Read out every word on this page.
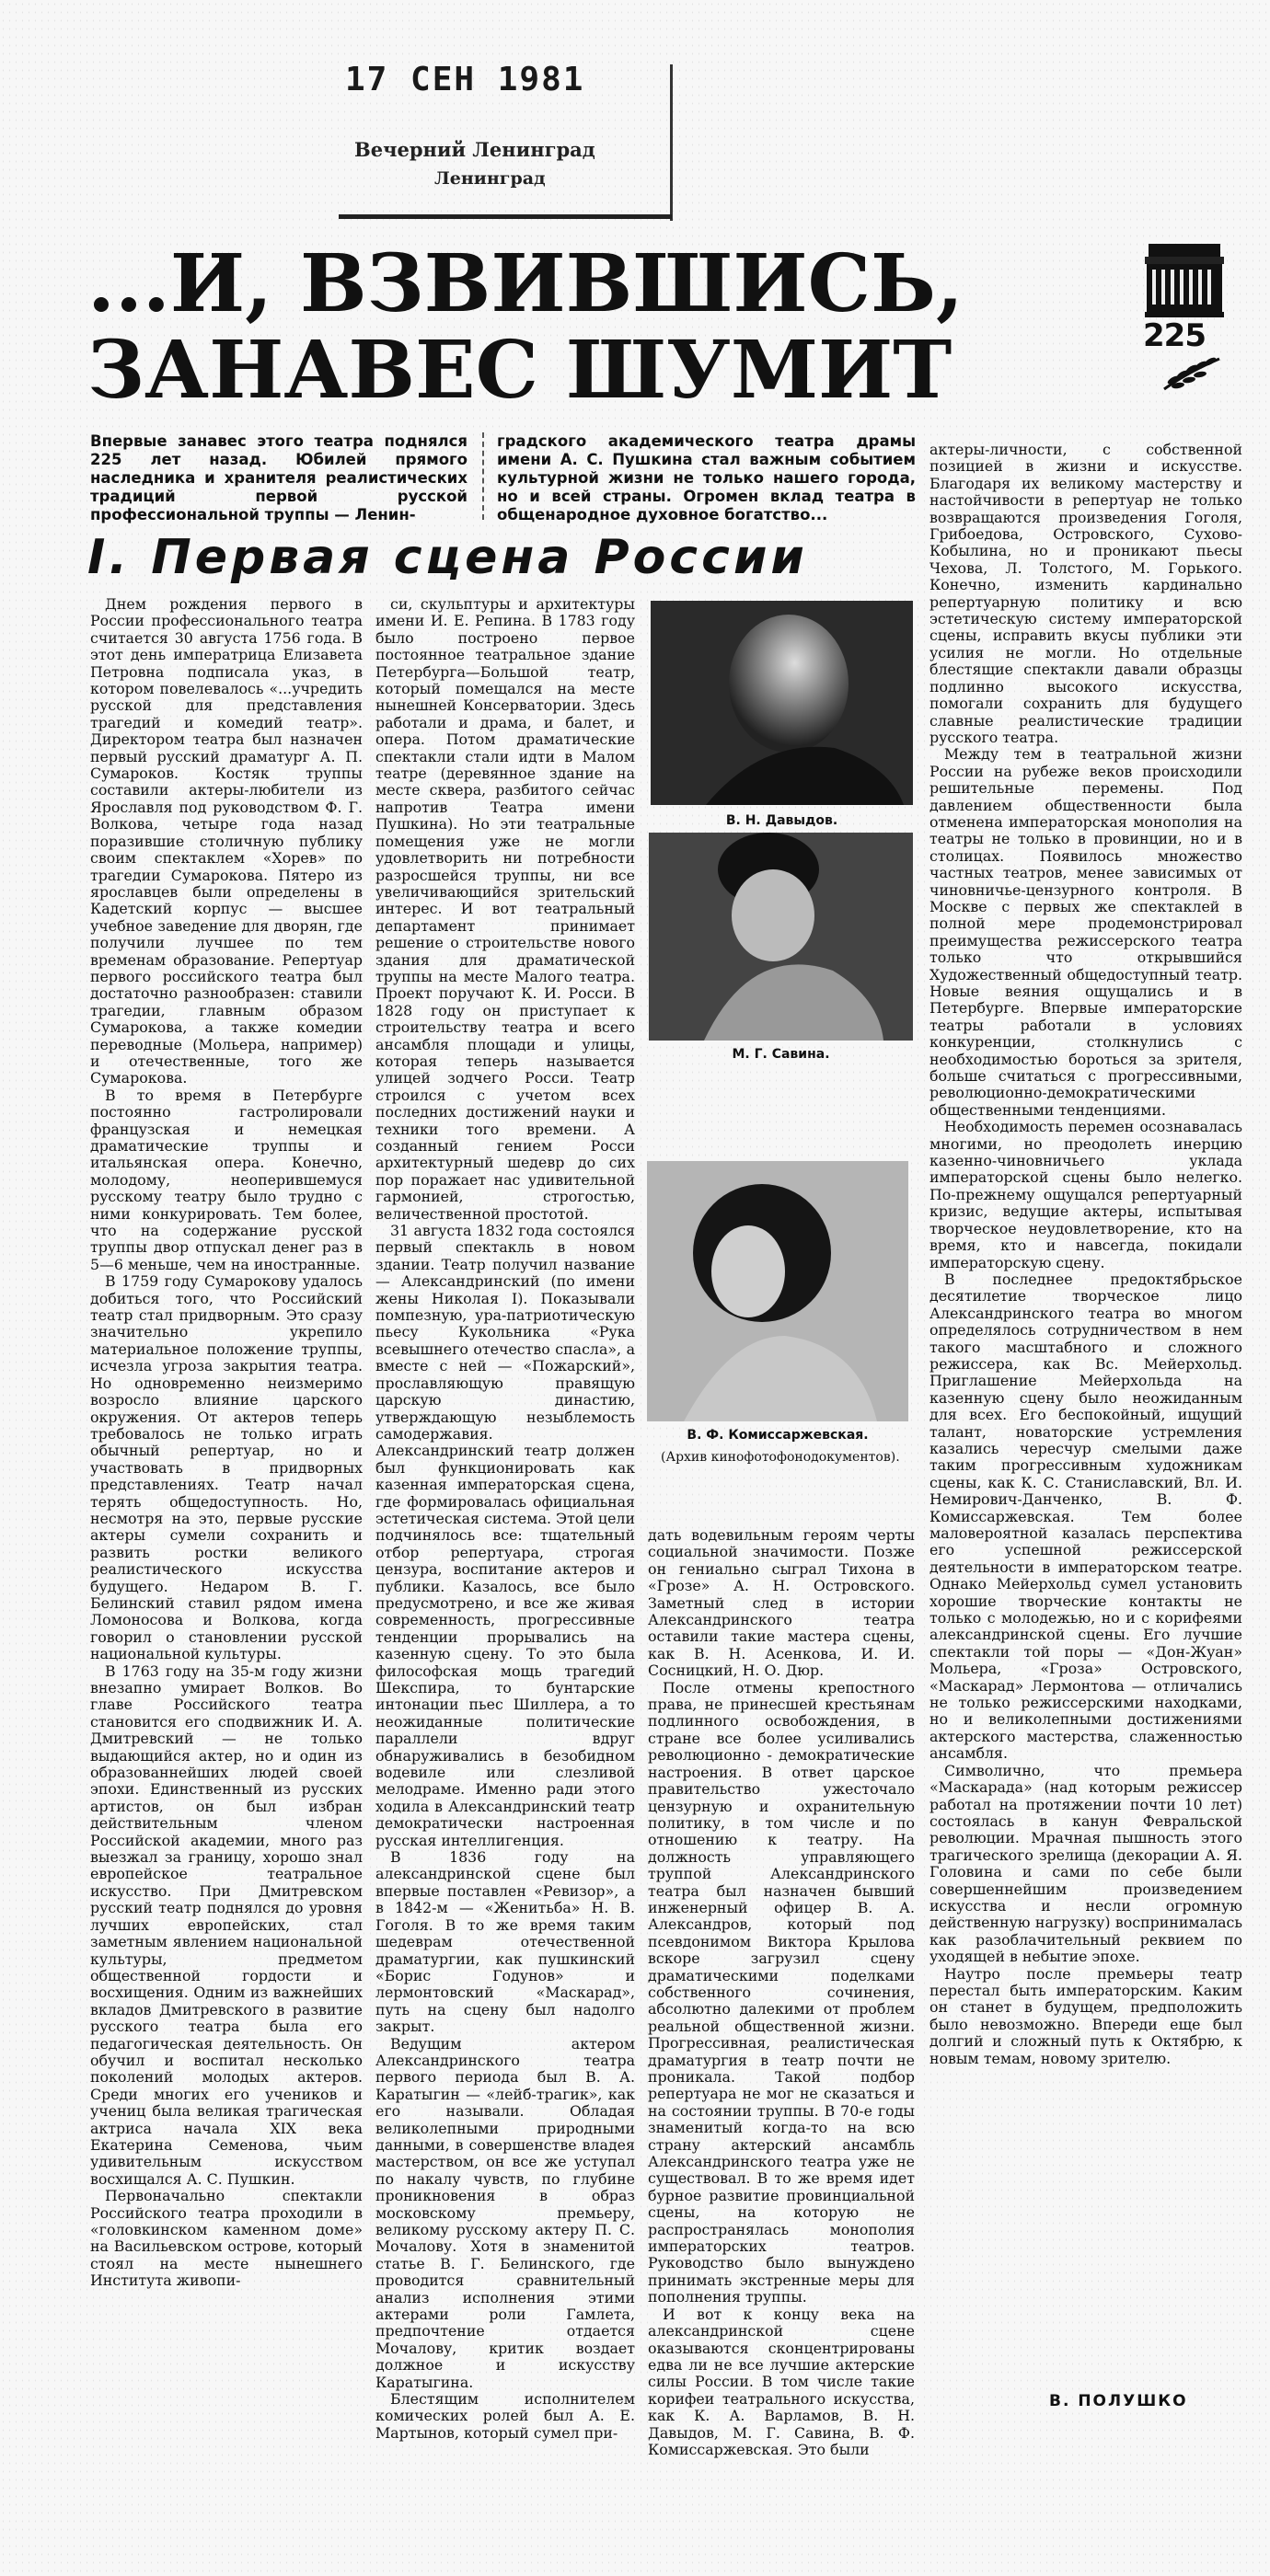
17 СЕН 1981
Вечерний Ленинград
Ленинград
...И, ВЗВИВШИСЬ,
ЗАНАВЕС ШУМИТ	225
Впервые занавес этого театра поднялся 225 лет назад. Юбилей прямого наследника и хранителя реалистических традиций первой русской профессиональной труппы — Ленин-
градского академического театра драмы имени А. С. Пушкина стал важным событием культурной жизни не только нашего города, но и всей страны. Огромен вклад театра в общенародное духовное богатство...
I. Первая сцена России

Днем рождения первого в России профессионального театра считается 30 августа 1756 года. В этот день императрица Елизавета Петровна подписала указ, в котором повелевалось «...учредить русской для представления трагедий и комедий театр». Директором театра был назначен первый русский драматург А. П. Сумароков. Костяк труппы составили актеры-любители из Ярославля под руководством Ф. Г. Волкова, четыре года назад поразившие столичную публику своим спектаклем «Хорев» по трагедии Сумарокова. Пятеро из ярославцев были определены в Кадетский корпус — высшее учебное заведение для дворян, где получили лучшее по тем временам образование. Репертуар первого российского театра был достаточно разнообразен: ставили трагедии, главным образом Сумарокова, а также комедии переводные (Мольера, например) и отечественные, того же Сумарокова.

В то время в Петербурге постоянно гастролировали французская и немецкая драматические труппы и итальянская опера. Конечно, молодому, неоперившемуся русскому театру было трудно с ними конкурировать. Тем более, что на содержание русской труппы двор отпускал денег раз в 5—6 меньше, чем на иностранные.

В 1759 году Сумарокову удалось добиться того, что Российский театр стал придворным. Это сразу значительно укрепило материальное положение труппы, исчезла угроза закрытия театра. Но одновременно неизмеримо возросло влияние царского окружения. От актеров теперь требовалось не только играть обычный репертуар, но и участвовать в придворных представлениях. Театр начал терять общедоступность. Но, несмотря на это, первые русские актеры сумели сохранить и развить ростки великого реалистического искусства будущего. Недаром В. Г. Белинский ставил рядом имена Ломоносова и Волкова, когда говорил о становлении русской национальной культуры.

В 1763 году на 35-м году жизни внезапно умирает Волков. Во главе Российского театра становится его сподвижник И. А. Дмитревский — не только выдающийся актер, но и один из образованнейших людей своей эпохи. Единственный из русских артистов, он был избран действительным членом Российской академии, много раз выезжал за границу, хорошо знал европейское театральное искусство. При Дмитревском русский театр поднялся до уровня лучших европейских, стал заметным явлением национальной культуры, предметом общественной гордости и восхищения. Одним из важнейших вкладов Дмитревского в развитие русского театра была его педагогическая деятельность. Он обучил и воспитал несколько поколений молодых актеров. Среди многих его учеников и учениц была великая трагическая актриса начала XIX века Екатерина Семенова, чьим удивительным искусством восхищался А. С. Пушкин.

Первоначально спектакли Российского театра проходили в «головкинском каменном доме» на Васильевском острове, который стоял на месте нынешнего Института живопи-

си, скульптуры и архитектуры имени И. Е. Репина. В 1783 году было построено первое постоянное театральное здание Петербурга—Большой театр, который помещался на месте нынешней Консерватории. Здесь работали и драма, и балет, и опера. Потом драматические спектакли стали идти в Малом театре (деревянное здание на месте сквера, разбитого сейчас напротив Театра имени Пушкина). Но эти театральные помещения уже не могли удовлетворить ни потребности разросшейся труппы, ни все увеличивающийся зрительский интерес. И вот театральный департамент принимает решение о строительстве нового здания для драматической труппы на месте Малого театра. Проект поручают К. И. Росси. В 1828 году он приступает к строительству театра и всего ансамбля площади и улицы, которая теперь называется улицей зодчего Росси. Театр строился с учетом всех последних достижений науки и техники того времени. А созданный гением Росси архитектурный шедевр до сих пор поражает нас удивительной гармонией, строгостью, величественной простотой.

31 августа 1832 года состоялся первый спектакль в новом здании. Театр получил название — Александринский (по имени жены Николая I). Показывали помпезную, ура-патриотическую пьесу Кукольника «Рука всевышнего отечество спасла», а вместе с ней — «Пожарский», прославляющую правящую царскую династию, утверждающую незыблемость самодержавия. Александринский театр должен был функционировать как казенная императорская сцена, где формировалась официальная эстетическая система. Этой цели подчинялось все: тщательный отбор репертуара, строгая цензура, воспитание актеров и публики. Казалось, все было предусмотрено, и все же живая современность, прогрессивные тенденции прорывались на казенную сцену. То это была философская мощь трагедий Шекспира, то бунтарские интонации пьес Шиллера, а то неожиданные политические параллели вдруг обнаруживались в безобидном водевиле или слезливой мелодраме. Именно ради этого ходила в Александринский театр демократически настроенная русская интеллигенция.

В 1836 году на александринской сцене был впервые поставлен «Ревизор», а в 1842-м — «Женитьба» Н. В. Гоголя. В то же время таким шедеврам отечественной драматургии, как пушкинский «Борис Годунов» и лермонтовский «Маскарад», путь на сцену был надолго закрыт.

Ведущим актером Александринского театра первого периода был В. А. Каратыгин — «лейб-трагик», как его называли. Обладая великолепными природными данными, в совершенстве владея мастерством, он все же уступал по накалу чувств, по глубине проникновения в образ московскому премьеру, великому русскому актеру П. С. Мочалову. Хотя в знаменитой статье В. Г. Белинского, где проводится сравнительный анализ исполнения этими актерами роли Гамлета, предпочтение отдается Мочалову, критик воздает должное и искусству Каратыгина.

Блестящим исполнителем комических ролей был А. Е. Мартынов, который сумел при-

В. Н. Давыдов.
М. Г. Савина.
В. Ф. Комиссаржевская.
(Архив кинофотофонодокументов).

дать водевильным героям черты социальной значимости. Позже он гениально сыграл Тихона в «Грозе» А. Н. Островского. Заметный след в истории Александринского театра оставили такие мастера сцены, как В. Н. Асенкова, И. И. Сосницкий, Н. О. Дюр.

После отмены крепостного права, не принесшей крестьянам подлинного освобождения, в стране все более усиливались революционно - демократические настроения. В ответ царское правительство ужесточало цензурную и охранительную политику, в том числе и по отношению к театру. На должность управляющего труппой Александринского театра был назначен бывший инженерный офицер В. А. Александров, который под псевдонимом Виктора Крылова вскоре загрузил сцену драматическими поделками собственного сочинения, абсолютно далекими от проблем реальной общественной жизни. Прогрессивная, реалистическая драматургия в театр почти не проникала. Такой подбор репертуара не мог не сказаться и на состоянии труппы. В 70-е годы знаменитый когда-то на всю страну актерский ансамбль Александринского театра уже не существовал. В то же время идет бурное развитие провинциальной сцены, на которую не распространялась монополия императорских театров. Руководство было вынуждено принимать экстренные меры для пополнения труппы.

И вот к концу века на александринской сцене оказываются сконцентрированы едва ли не все лучшие актерские силы России. В том числе такие корифеи театрального искусства, как К. А. Варламов, В. Н. Давыдов, М. Г. Савина, В. Ф. Комиссаржевская. Это были

актеры-личности, с собственной позицией в жизни и искусстве. Благодаря их великому мастерству и настойчивости в репертуар не только возвращаются произведения Гоголя, Грибоедова, Островского, Сухово-Кобылина, но и проникают пьесы Чехова, Л. Толстого, М. Горького. Конечно, изменить кардинально репертуарную политику и всю эстетическую систему императорской сцены, исправить вкусы публики эти усилия не могли. Но отдельные блестящие спектакли давали образцы подлинно высокого искусства, помогали сохранить для будущего славные реалистические традиции русского театра.

Между тем в театральной жизни России на рубеже веков происходили решительные перемены. Под давлением общественности была отменена императорская монополия на театры не только в провинции, но и в столицах. Появилось множество частных театров, менее зависимых от чиновничье-цензурного контроля. В Москве с первых же спектаклей в полной мере продемонстрировал преимущества режиссерского театра только что открывшийся Художественный общедоступный театр. Новые веяния ощущались и в Петербурге. Впервые императорские театры работали в условиях конкуренции, столкнулись с необходимостью бороться за зрителя, больше считаться с прогрессивными, революционно-демократическими общественными тенденциями.

Необходимость перемен осознавалась многими, но преодолеть инерцию казенно-чиновничьего уклада императорской сцены было нелегко. По-прежнему ощущался репертуарный кризис, ведущие актеры, испытывая творческое неудовлетворение, кто на время, кто и навсегда, покидали императорскую сцену.

В последнее предоктябрьское десятилетие творческое лицо Александринского театра во многом определялось сотрудничеством в нем такого масштабного и сложного режиссера, как Вс. Мейерхольд. Приглашение Мейерхольда на казенную сцену было неожиданным для всех. Его беспокойный, ищущий талант, новаторские устремления казались чересчур смелыми даже таким прогрессивным художникам сцены, как К. С. Станиславский, Вл. И. Немирович-Данченко, В. Ф. Комиссаржевская. Тем более маловероятной казалась перспектива его успешной режиссерской деятельности в императорском театре. Однако Мейерхольд сумел установить хорошие творческие контакты не только с молодежью, но и с корифеями александринской сцены. Его лучшие спектакли той поры — «Дон-Жуан» Мольера, «Гроза» Островского, «Маскарад» Лермонтова — отличались не только режиссерскими находками, но и великолепными достижениями актерского мастерства, слаженностью ансамбля.

Символично, что премьера «Маскарада» (над которым режиссер работал на протяжении почти 10 лет) состоялась в канун Февральской революции. Мрачная пышность этого трагического зрелища (декорации А. Я. Головина и сами по себе были совершеннейшим произведением искусства и несли огромную действенную нагрузку) воспринималась как разоблачительный реквием по уходящей в небытие эпохе.

Наутро после премьеры театр перестал быть императорским. Каким он станет в будущем, предположить было невозможно. Впереди еще был долгий и сложный путь к Октябрю, к новым темам, новому зрителю.

В. ПОЛУШКО
